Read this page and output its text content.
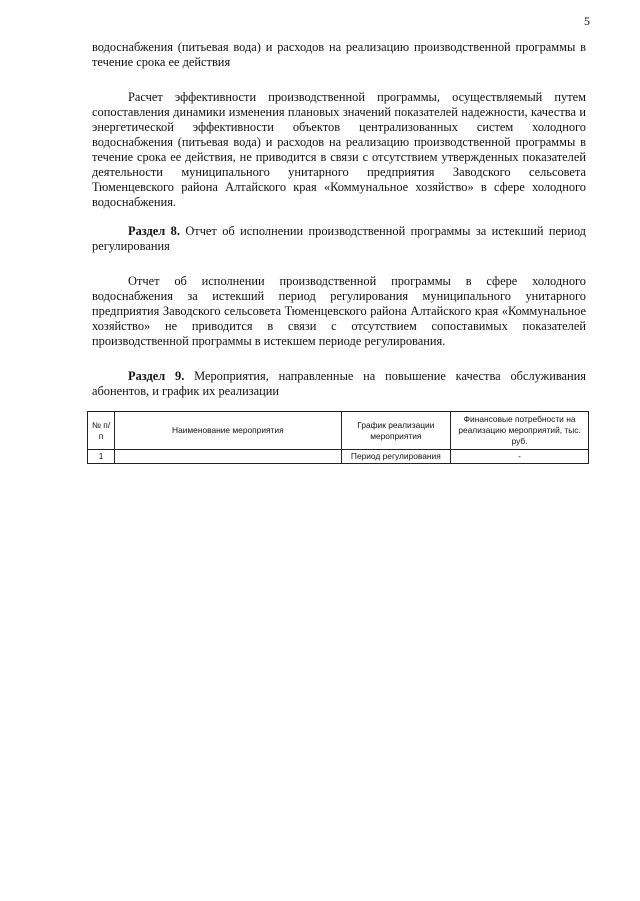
5

водоснабжения (питьевая вода) и расходов на реализацию производственной программы в течение срока ее действия

Расчет эффективности производственной программы, осуществляемый путем сопоставления динамики изменения плановых значений показателей надежности, качества и энергетической эффективности объектов централизованных систем холодного водоснабжения (питьевая вода) и расходов на реализацию производственной программы в течение срока ее действия, не приводится в связи с отсутствием утвержденных показателей деятельности муниципального унитарного предприятия Заводского сельсовета Тюменцевского района Алтайского края «Коммунальное хозяйство» в сфере холодного водоснабжения.

Раздел 8. Отчет об исполнении производственной программы за истекший период регулирования

Отчет об исполнении производственной программы в сфере холодного водоснабжения за истекший период регулирования муниципального унитарного предприятия Заводского сельсовета Тюменцевского района Алтайского края «Коммунальное хозяйство» не приводится в связи с отсутствием сопоставимых показателей производственной программы в истекшем периоде регулирования.

Раздел 9. Мероприятия, направленные на повышение качества обслуживания абонентов, и график их реализации

№ п/п	Наименование мероприятия	График реализации мероприятия	Финансовые потребности на реализацию мероприятий, тыс. руб.
1		Период регулирования	-
